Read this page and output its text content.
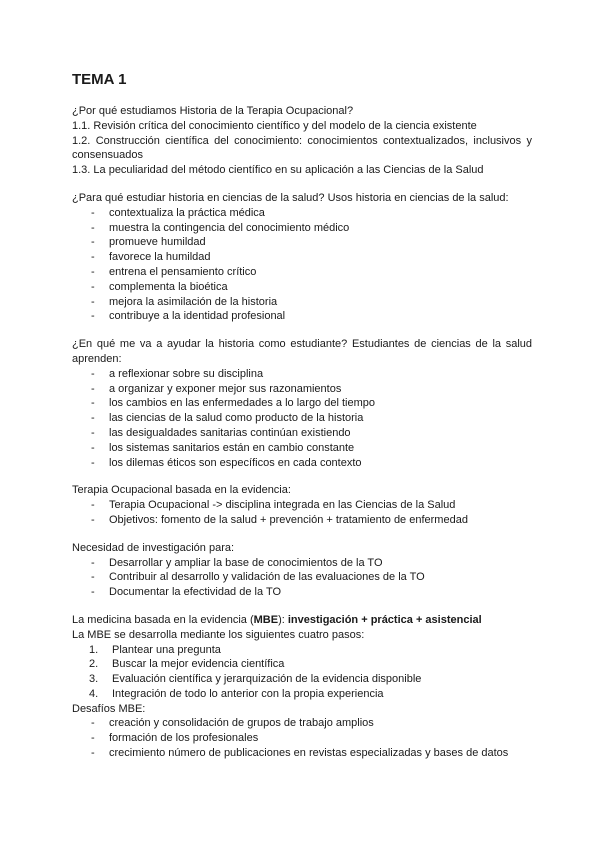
TEMA 1

¿Por qué estudiamos Historia de la Terapia Ocupacional?

1.1. Revisión crítica del conocimiento científico y del modelo de la ciencia existente

1.2. Construcción científica del conocimiento: conocimientos contextualizados, inclusivos y consensuados

1.3. La peculiaridad del método científico en su aplicación a las Ciencias de la Salud

¿Para qué estudiar historia en ciencias de la salud? Usos historia en ciencias de la salud:

- contextualiza la práctica médica
- muestra la contingencia del conocimiento médico
- promueve humildad
- favorece la humildad
- entrena el pensamiento crítico
- complementa la bioética
- mejora la asimilación de la historia
- contribuye a la identidad profesional

¿En qué me va a ayudar la historia como estudiante? Estudiantes de ciencias de la salud aprenden:

- a reflexionar sobre su disciplina
- a organizar y exponer mejor sus razonamientos
- los cambios en las enfermedades a lo largo del tiempo
- las ciencias de la salud como producto de la historia
- las desigualdades sanitarias continúan existiendo
- los sistemas sanitarios están en cambio constante
- los dilemas éticos son específicos en cada contexto

Terapia Ocupacional basada en la evidencia:

- Terapia Ocupacional -> disciplina integrada en las Ciencias de la Salud
- Objetivos: fomento de la salud + prevención + tratamiento de enfermedad

Necesidad de investigación para:

- Desarrollar y ampliar la base de conocimientos de la TO
- Contribuir al desarrollo y validación de las evaluaciones de la TO
- Documentar la efectividad de la TO

La medicina basada en la evidencia (MBE): investigación + práctica + asistencial

La MBE se desarrolla mediante los siguientes cuatro pasos:

1. Plantear una pregunta
2. Buscar la mejor evidencia científica
3. Evaluación científica y jerarquización de la evidencia disponible
4. Integración de todo lo anterior con la propia experiencia

Desafíos MBE:

- creación y consolidación de grupos de trabajo amplios
- formación de los profesionales
- crecimiento número de publicaciones en revistas especializadas y bases de datos
